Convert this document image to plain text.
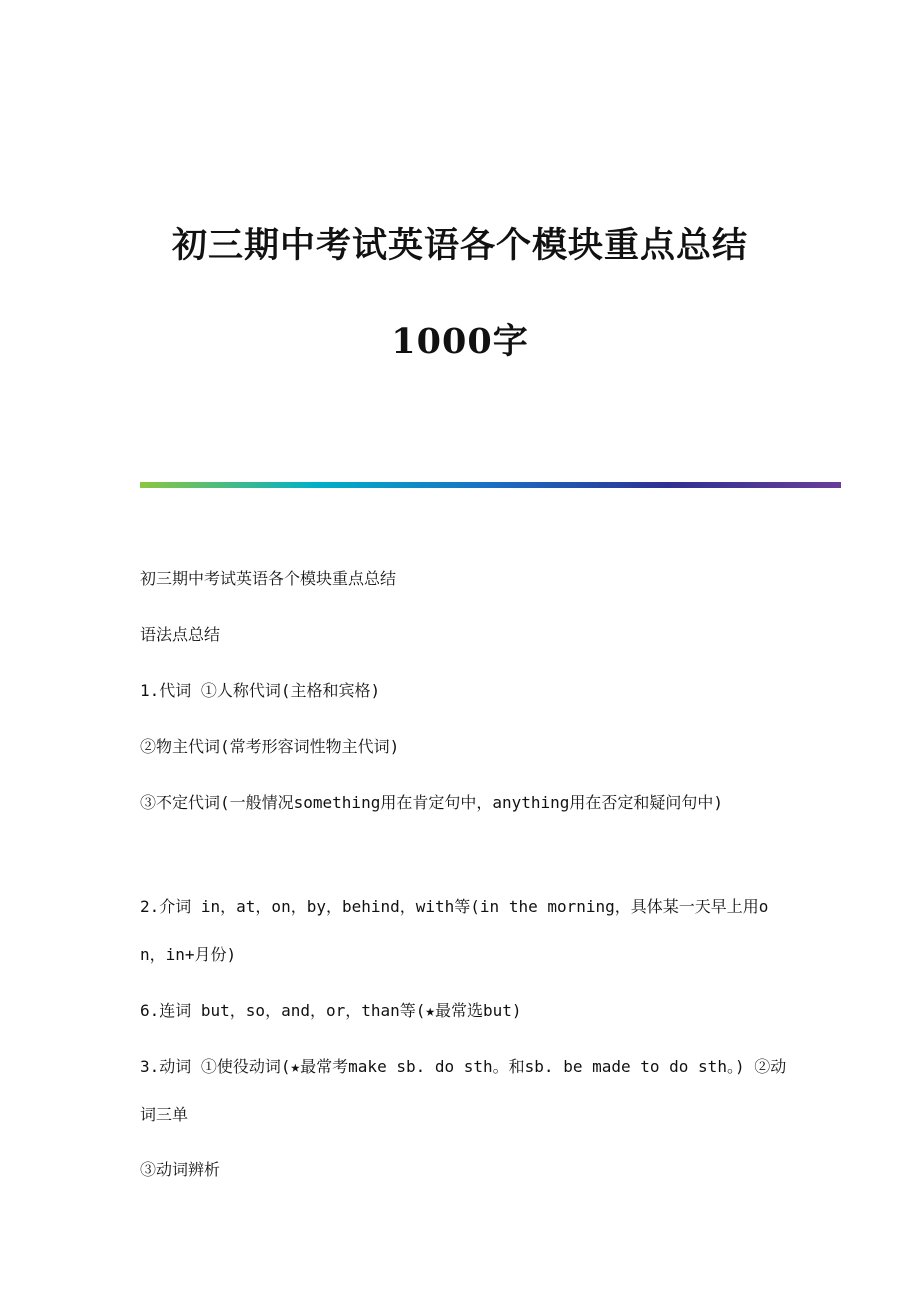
初三期中考试英语各个模块重点总结
1000字

初三期中考试英语各个模块重点总结

语法点总结

1.代词 ①人称代词(主格和宾格)

②物主代词(常考形容词性物主代词)

③不定代词(一般情况something用在肯定句中，anything用在否定和疑问句中)

2.介词 in，at，on，by，behind，with等(in the morning，具体某一天早上用on，in+月份)

6.连词 but，so，and，or，than等(★最常选but)

3.动词 ①使役动词(★最常考make sb. do sth。和sb. be made to do sth。) ②动词三单

③动词辨析
